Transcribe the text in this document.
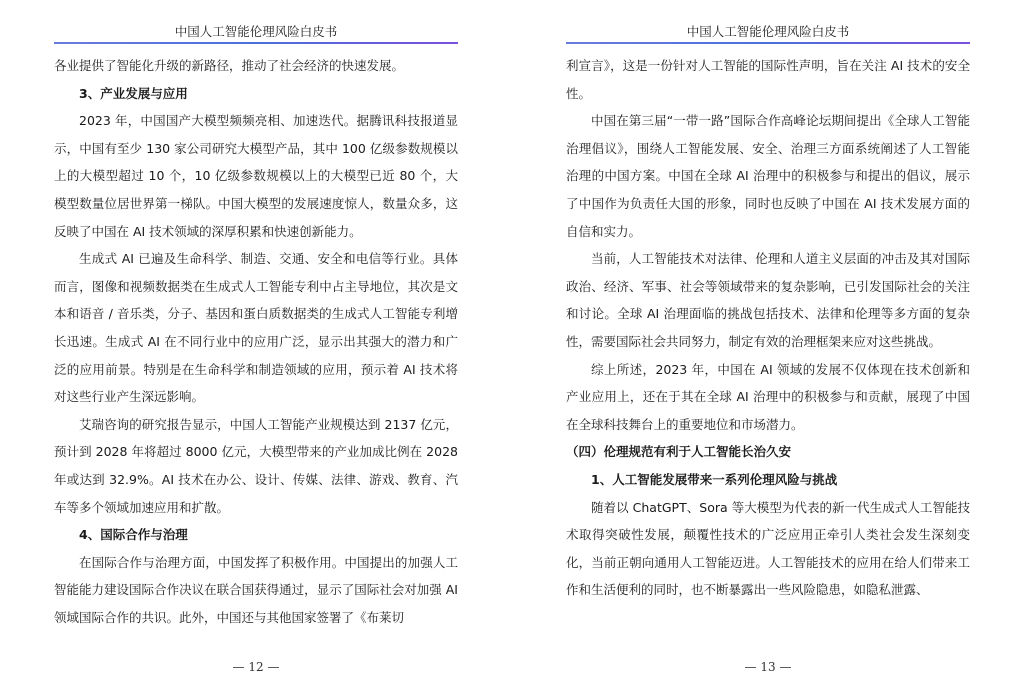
中国人工智能伦理风险白皮书

各业提供了智能化升级的新路径，推动了社会经济的快速发展。

3、产业发展与应用

2023 年，中国国产大模型频频亮相、加速迭代。据腾讯科技报道显示，中国有至少 130 家公司研究大模型产品，其中 100 亿级参数规模以上的大模型超过 10 个，10 亿级参数规模以上的大模型已近 80 个，大模型数量位居世界第一梯队。中国大模型的发展速度惊人，数量众多，这反映了中国在 AI 技术领域的深厚积累和快速创新能力。

生成式 AI 已遍及生命科学、制造、交通、安全和电信等行业。具体而言，图像和视频数据类在生成式人工智能专利中占主导地位，其次是文本和语音 / 音乐类，分子、基因和蛋白质数据类的生成式人工智能专利增长迅速。生成式 AI 在不同行业中的应用广泛，显示出其强大的潜力和广泛的应用前景。特别是在生命科学和制造领域的应用，预示着 AI 技术将对这些行业产生深远影响。

艾瑞咨询的研究报告显示，中国人工智能产业规模达到 2137 亿元，预计到 2028 年将超过 8000 亿元，大模型带来的产业加成比例在 2028 年或达到 32.9%。AI 技术在办公、设计、传媒、法律、游戏、教育、汽车等多个领域加速应用和扩散。

4、国际合作与治理

在国际合作与治理方面，中国发挥了积极作用。中国提出的加强人工智能能力建设国际合作决议在联合国获得通过，显示了国际社会对加强 AI 领域国际合作的共识。此外，中国还与其他国家签署了《布莱切

— 12 —
中国人工智能伦理风险白皮书

利宣言》，这是一份针对人工智能的国际性声明，旨在关注 AI 技术的安全性。

中国在第三届“一带一路”国际合作高峰论坛期间提出《全球人工智能治理倡议》，围绕人工智能发展、安全、治理三方面系统阐述了人工智能治理的中国方案。中国在全球 AI 治理中的积极参与和提出的倡议，展示了中国作为负责任大国的形象，同时也反映了中国在 AI 技术发展方面的自信和实力。

当前，人工智能技术对法律、伦理和人道主义层面的冲击及其对国际政治、经济、军事、社会等领域带来的复杂影响，已引发国际社会的关注和讨论。全球 AI 治理面临的挑战包括技术、法律和伦理等多方面的复杂性，需要国际社会共同努力，制定有效的治理框架来应对这些挑战。

综上所述，2023 年，中国在 AI 领域的发展不仅体现在技术创新和产业应用上，还在于其在全球 AI 治理中的积极参与和贡献，展现了中国在全球科技舞台上的重要地位和市场潜力。

（四）伦理规范有利于人工智能长治久安

1、人工智能发展带来一系列伦理风险与挑战

随着以 ChatGPT、Sora 等大模型为代表的新一代生成式人工智能技术取得突破性发展，颠覆性技术的广泛应用正牵引人类社会发生深刻变化，当前正朝向通用人工智能迈进。人工智能技术的应用在给人们带来工作和生活便利的同时，也不断暴露出一些风险隐患，如隐私泄露、

— 13 —
